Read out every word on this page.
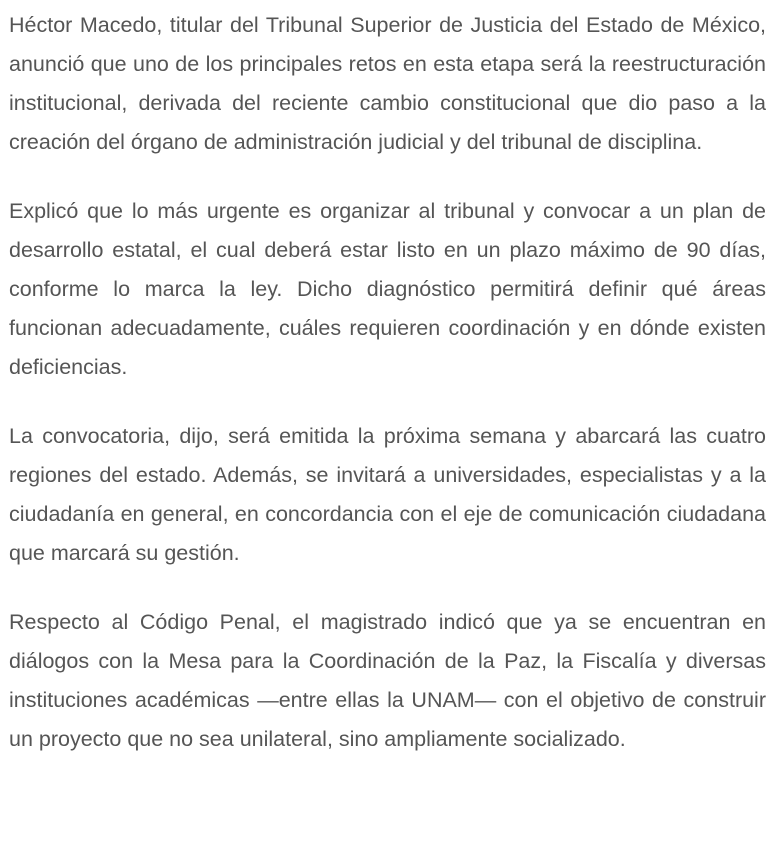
Héctor Macedo, titular del Tribunal Superior de Justicia del Estado de México, anunció que uno de los principales retos en esta etapa será la reestructuración institucional, derivada del reciente cambio constitucional que dio paso a la creación del órgano de administración judicial y del tribunal de disciplina.

Explicó que lo más urgente es organizar al tribunal y convocar a un plan de desarrollo estatal, el cual deberá estar listo en un plazo máximo de 90 días, conforme lo marca la ley. Dicho diagnóstico permitirá definir qué áreas funcionan adecuadamente, cuáles requieren coordinación y en dónde existen deficiencias.

La convocatoria, dijo, será emitida la próxima semana y abarcará las cuatro regiones del estado. Además, se invitará a universidades, especialistas y a la ciudadanía en general, en concordancia con el eje de comunicación ciudadana que marcará su gestión.

Respecto al Código Penal, el magistrado indicó que ya se encuentran en diálogos con la Mesa para la Coordinación de la Paz, la Fiscalía y diversas instituciones académicas —entre ellas la UNAM— con el objetivo de construir un proyecto que no sea unilateral, sino ampliamente socializado.
